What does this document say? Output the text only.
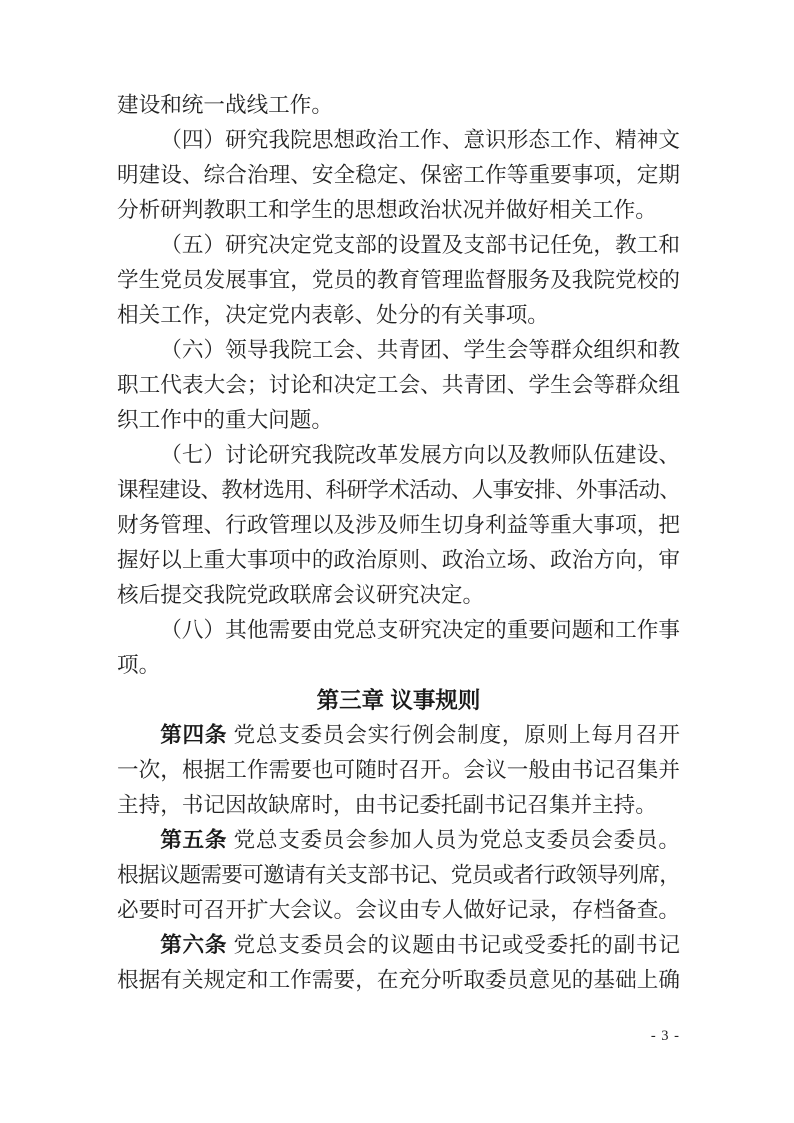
建设和统一战线工作。
（四）研究我院思想政治工作、意识形态工作、精神文
明建设、综合治理、安全稳定、保密工作等重要事项，定期
分析研判教职工和学生的思想政治状况并做好相关工作。
（五）研究决定党支部的设置及支部书记任免，教工和
学生党员发展事宜，党员的教育管理监督服务及我院党校的
相关工作，决定党内表彰、处分的有关事项。
（六）领导我院工会、共青团、学生会等群众组织和教
职工代表大会；讨论和决定工会、共青团、学生会等群众组
织工作中的重大问题。
（七）讨论研究我院改革发展方向以及教师队伍建设、
课程建设、教材选用、科研学术活动、人事安排、外事活动、
财务管理、行政管理以及涉及师生切身利益等重大事项，把
握好以上重大事项中的政治原则、政治立场、政治方向，审
核后提交我院党政联席会议研究决定。
（八）其他需要由党总支研究决定的重要问题和工作事
项。
第三章 议事规则
第四条 党总支委员会实行例会制度，原则上每月召开
一次，根据工作需要也可随时召开。会议一般由书记召集并
主持，书记因故缺席时，由书记委托副书记召集并主持。
第五条 党总支委员会参加人员为党总支委员会委员。
根据议题需要可邀请有关支部书记、党员或者行政领导列席，
必要时可召开扩大会议。会议由专人做好记录，存档备查。
第六条 党总支委员会的议题由书记或受委托的副书记
根据有关规定和工作需要，在充分听取委员意见的基础上确
- 3 -
